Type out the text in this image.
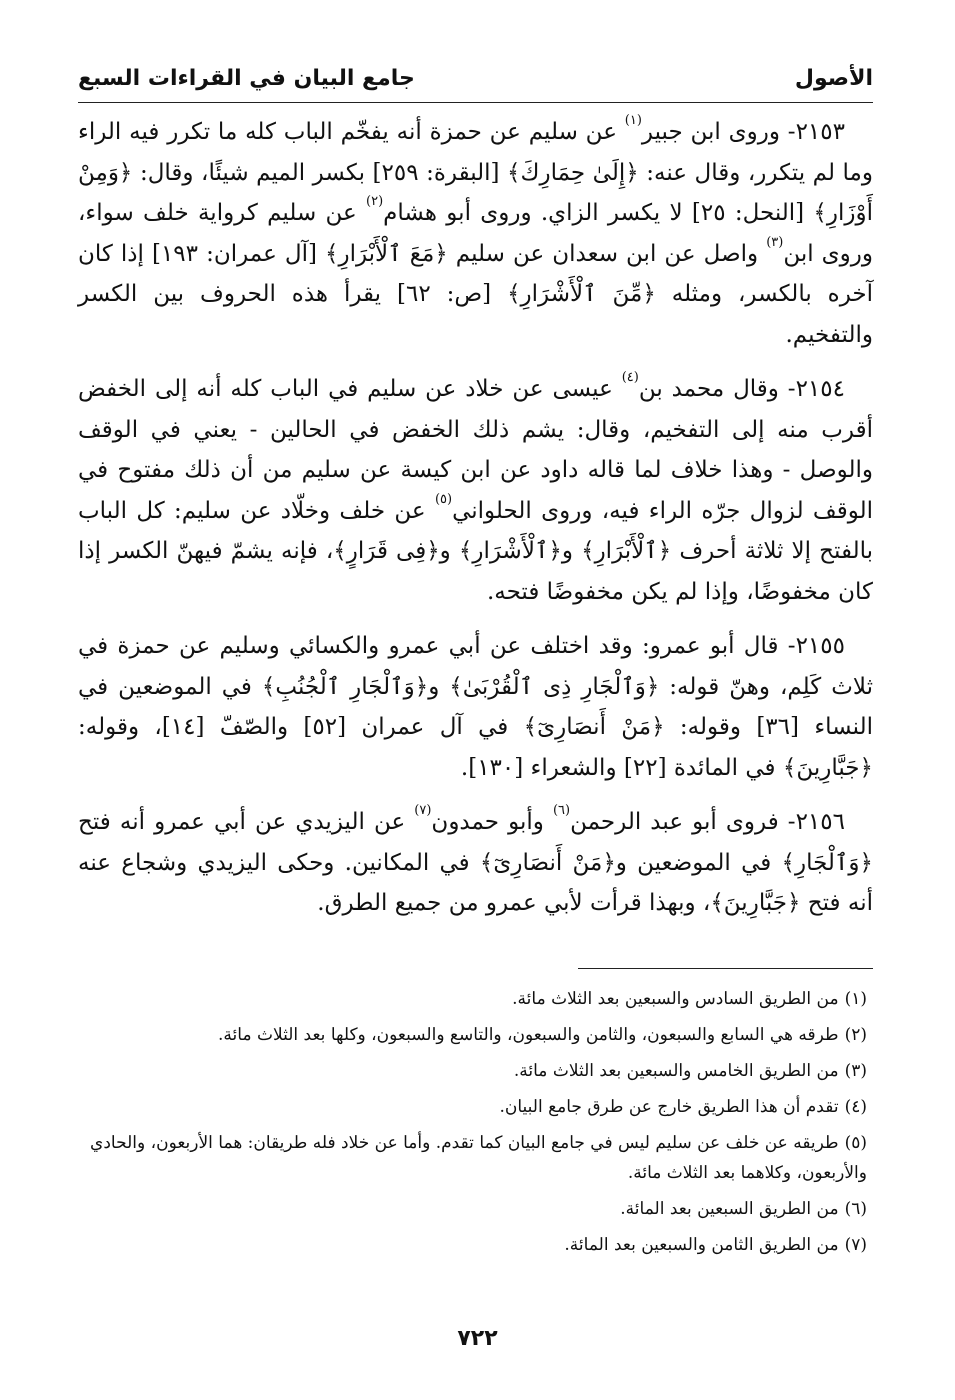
الأصول
جامع البيان في القراءات السبع

٢١٥٣- وروى ابن جبير$^{(١)}$ عن سليم عن حمزة أنه يفخّم الباب كله ما تكرر فيه الراء وما لم يتكرر، وقال عنه: ﴿إِلَىٰ حِمَارِكَ﴾ [البقرة: ٢٥٩] بكسر الميم شيئًا، وقال: ﴿وَمِنْ أَوْزَارِ﴾ [النحل: ٢٥] لا يكسر الزاي. وروى أبو هشام$^{(٢)}$ عن سليم كرواية خلف سواء، وروى ابن$^{(٣)}$ واصل عن ابن سعدان عن سليم ﴿مَعَ ٱلْأَبْرَارِ﴾ [آل عمران: ١٩٣] إذا كان آخره بالكسر، ومثله ﴿مِّنَ ٱلْأَشْرَارِ﴾ [ص: ٦٢] يقرأ هذه الحروف بين الكسر والتفخيم.

٢١٥٤- وقال محمد بن$^{(٤)}$ عيسى عن خلاد عن سليم في الباب كله أنه إلى الخفض أقرب منه إلى التفخيم، وقال: يشم ذلك الخفض في الحالين - يعني في الوقف والوصل - وهذا خلاف لما قاله داود عن ابن كيسة عن سليم من أن ذلك مفتوح في الوقف لزوال جرّه الراء فيه، وروى الحلواني$^{(٥)}$ عن خلف وخلّاد عن سليم: كل الباب بالفتح إلا ثلاثة أحرف ﴿ٱلْأَبْرَارِ﴾ و﴿ٱلْأَشْرَارِ﴾ و﴿فِى قَرَارٍ﴾، فإنه يشمّ فيهنّ الكسر إذا كان مخفوضًا، وإذا لم يكن مخفوضًا فتحه.

٢١٥٥- قال أبو عمرو: وقد اختلف عن أبي عمرو والكسائي وسليم عن حمزة في ثلاث كَلِم، وهنّ قوله: ﴿وَٱلْجَارِ ذِى ٱلْقُرْبَىٰ﴾ و﴿وَٱلْجَارِ ٱلْجُنُبِ﴾ في الموضعين في النساء [٣٦] وقوله: ﴿مَنْ أَنصَارِىٓ﴾ في آل عمران [٥٢] والصّفّ [١٤]، وقوله: ﴿جَبَّارِينَ﴾ في المائدة [٢٢] والشعراء [١٣٠].

٢١٥٦- فروى أبو عبد الرحمن$^{(٦)}$ وأبو حمدون$^{(٧)}$ عن اليزيدي عن أبي عمرو أنه فتح ﴿وَٱلْجَارِ﴾ في الموضعين و﴿مَنْ أَنصَارِىٓ﴾ في المكانين. وحكى اليزيدي وشجاع عنه أنه فتح ﴿جَبَّارِينَ﴾، وبهذا قرأت لأبي عمرو من جميع الطرق.

(١)من الطريق السادس والسبعين بعد الثلاث مائة.
(٢)طرقه هي السابع والسبعون، والثامن والسبعون، والتاسع والسبعون، وكلها بعد الثلاث مائة.
(٣)من الطريق الخامس والسبعين بعد الثلاث مائة.
(٤)تقدم أن هذا الطريق خارج عن طرق جامع البيان.
(٥)طريقه عن خلف عن سليم ليس في جامع البيان كما تقدم. وأما عن خلاد فله طريقان: هما الأربعون، والحادي والأربعون، وكلاهما بعد الثلاث مائة.
(٦)من الطريق السبعين بعد المائة.
(٧)من الطريق الثامن والسبعين بعد المائة.
٧٢٢
